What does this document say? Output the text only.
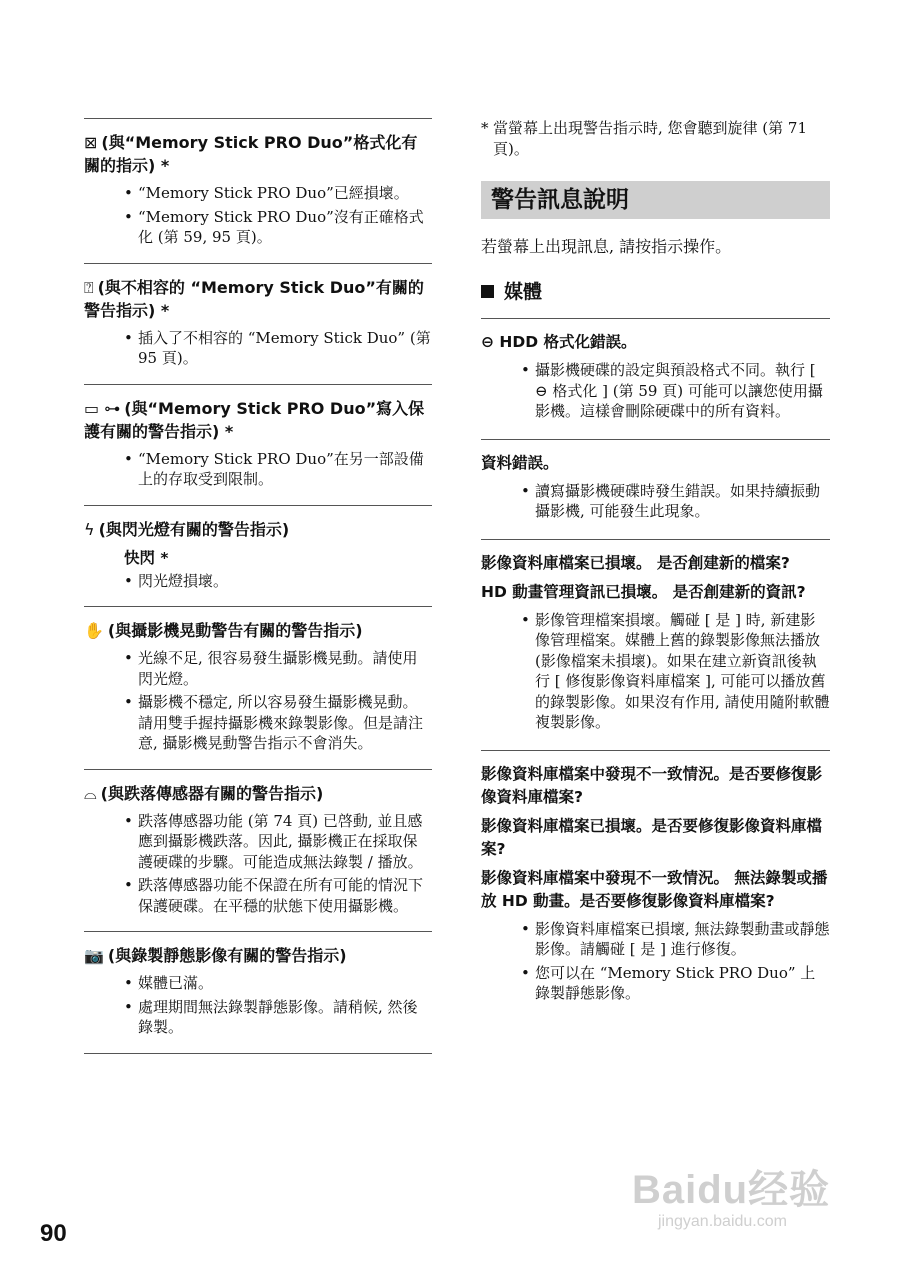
⊠ (與“Memory Stick PRO Duo”格式化有關的指示) *
• “Memory Stick PRO Duo”已經損壞。
• “Memory Stick PRO Duo”沒有正確格式化 (第 59, 95 頁)。
⍰ (與不相容的 “Memory Stick Duo”有關的警告指示) *
• 插入了不相容的 “Memory Stick Duo” (第 95 頁)。
▭ ⊶ (與“Memory Stick PRO Duo”寫入保護有關的警告指示) *
• “Memory Stick PRO Duo”在另一部設備上的存取受到限制。
ϟ (與閃光燈有關的警告指示)
快閃 *
• 閃光燈損壞。
✋ (與攝影機晃動警告有關的警告指示)
• 光線不足, 很容易發生攝影機晃動。請使用閃光燈。
• 攝影機不穩定, 所以容易發生攝影機晃動。請用雙手握持攝影機來錄製影像。但是請注意, 攝影機晃動警告指示不會消失。
⌓ (與跌落傳感器有關的警告指示)
• 跌落傳感器功能 (第 74 頁) 已啓動, 並且感應到攝影機跌落。因此, 攝影機正在採取保護硬碟的步驟。可能造成無法錄製 / 播放。
• 跌落傳感器功能不保證在所有可能的情況下保護硬碟。在平穩的狀態下使用攝影機。
📷 (與錄製靜態影像有關的警告指示)
• 媒體已滿。
• 處理期間無法錄製靜態影像。請稍候, 然後錄製。
* 當螢幕上出現警告指示時, 您會聽到旋律 (第 71 頁)。
警告訊息說明
若螢幕上出現訊息, 請按指示操作。
媒體
⊖ HDD 格式化錯誤。
• 攝影機硬碟的設定與預設格式不同。執行 [ ⊖ 格式化 ] (第 59 頁) 可能可以讓您使用攝影機。這樣會刪除硬碟中的所有資料。
資料錯誤。
• 讀寫攝影機硬碟時發生錯誤。如果持續振動攝影機, 可能發生此現象。
影像資料庫檔案已損壞。 是否創建新的檔案?
HD 動畫管理資訊已損壞。 是否創建新的資訊?
• 影像管理檔案損壞。觸碰 [ 是 ] 時, 新建影像管理檔案。媒體上舊的錄製影像無法播放 (影像檔案未損壞)。如果在建立新資訊後執行 [ 修復影像資料庫檔案 ], 可能可以播放舊的錄製影像。如果沒有作用, 請使用隨附軟體複製影像。
影像資料庫檔案中發現不一致情況。是否要修復影像資料庫檔案?
影像資料庫檔案已損壞。是否要修復影像資料庫檔案?
影像資料庫檔案中發現不一致情況。 無法錄製或播放 HD 動畫。是否要修復影像資料庫檔案?
• 影像資料庫檔案已損壞, 無法錄製動畫或靜態影像。請觸碰 [ 是 ] 進行修復。
• 您可以在 “Memory Stick PRO Duo” 上錄製靜態影像。
90
Baidu经验
jingyan.baidu.com
